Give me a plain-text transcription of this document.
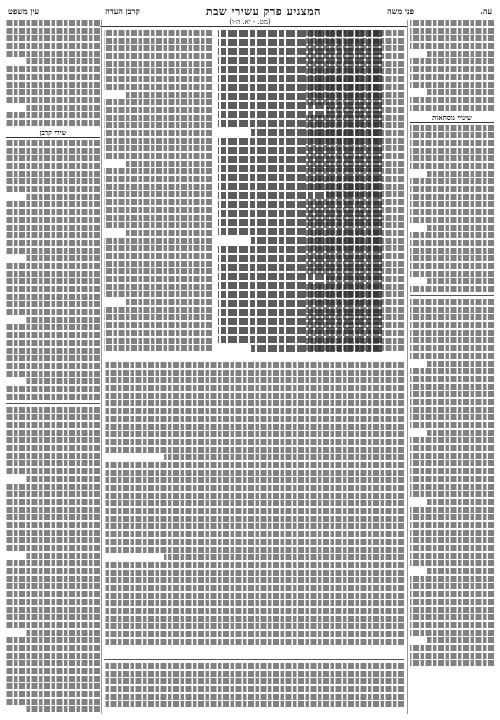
עה.
פני משה
המצניע פרק עשירי שבת
קרבן העדה
עין משפט
(מט. - יא. ה-ו)
שינויי נוסחאות
שירי קרבן
